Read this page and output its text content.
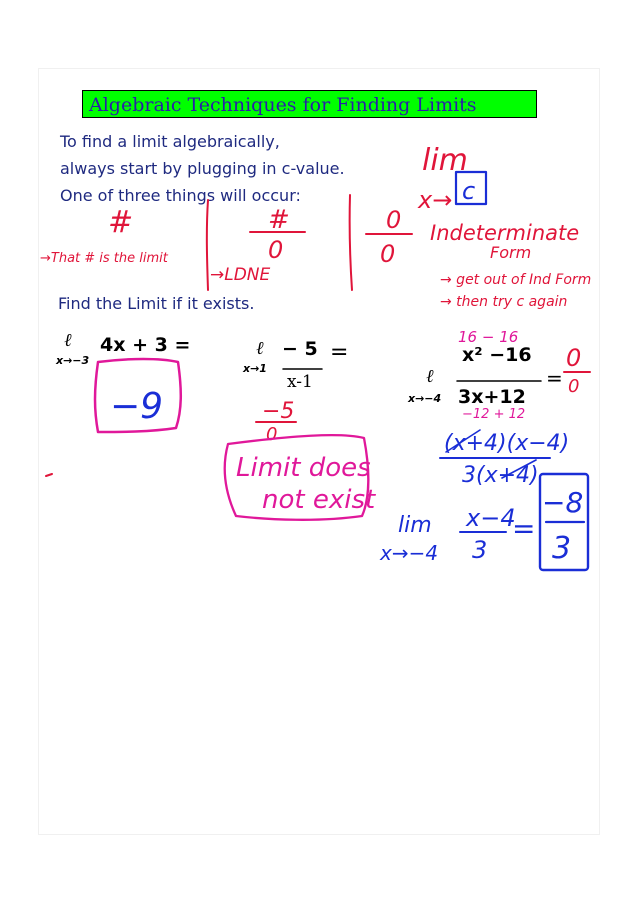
Algebraic Techniques for Finding Limits
To find a limit algebraically,
always start by plugging in c-value.
One of three things will occur:
Find the Limit if it exists.
ℓ
x→−3
4x + 3 =	ℓ
x→1
− 5
x-1
=
ℓ
x→−4
x² −16
3x+12
=
#
→That # is the limit
#
0
→LDNE
0
0
Indeterminate
Form
→ get out of Ind Form
→ then try c again
lim
x→ c
−9	−5
0
Limit does
not exist
16 − 16
0
0
−12 + 12
(x+4)(x−4)
3(x+4)
lim
x→−4
x−4
3
=
−8
3
